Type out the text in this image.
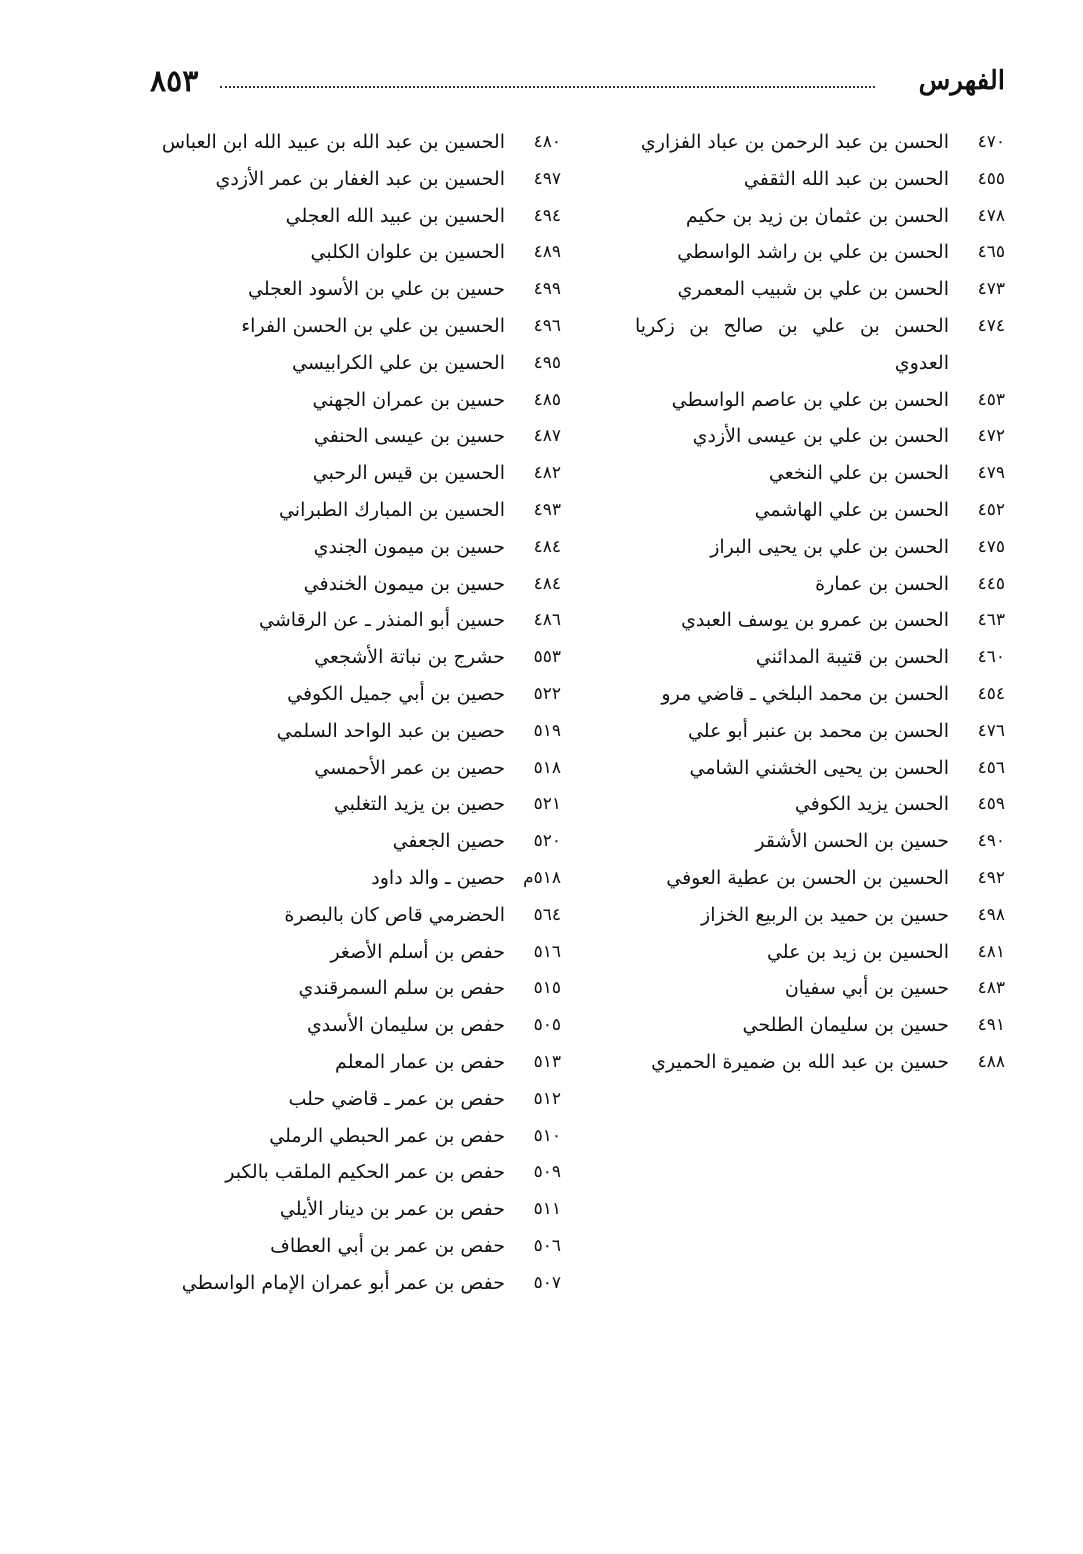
الفهرس
٨٥٣
٤٧٠
الحسن بن عبد الرحمن بن عباد الفزاري
٤٥٥
الحسن بن عبد الله الثقفي
٤٧٨
الحسن بن عثمان بن زيد بن حكيم
٤٦٥
الحسن بن علي بن راشد الواسطي
٤٧٣
الحسن بن علي بن شبيب المعمري
٤٧٤
الحسن بن علي بن صالح بن زكريا العدوي
٤٥٣
الحسن بن علي بن عاصم الواسطي
٤٧٢
الحسن بن علي بن عيسى الأزدي
٤٧٩
الحسن بن علي النخعي
٤٥٢
الحسن بن علي الهاشمي
٤٧٥
الحسن بن علي بن يحيى البراز
٤٤٥
الحسن بن عمارة
٤٦٣
الحسن بن عمرو بن يوسف العبدي
٤٦٠
الحسن بن قتيبة المدائني
٤٥٤
الحسن بن محمد البلخي ـ قاضي مرو
٤٧٦
الحسن بن محمد بن عنبر أبو علي
٤٥٦
الحسن بن يحيى الخشني الشامي
٤٥٩
الحسن يزيد الكوفي
٤٩٠
حسين بن الحسن الأشقر
٤٩٢
الحسين بن الحسن بن عطية العوفي
٤٩٨
حسين بن حميد بن الربيع الخزاز
٤٨١
الحسين بن زيد بن علي
٤٨٣
حسين بن أبي سفيان
٤٩١
حسين بن سليمان الطلحي
٤٨٨
حسين بن عبد الله بن ضميرة الحميري
٤٨٠
الحسين بن عبد الله بن عبيد الله ابن العباس
٤٩٧
الحسين بن عبد الغفار بن عمر الأزدي
٤٩٤
الحسين بن عبيد الله العجلي
٤٨٩
الحسين بن علوان الكلبي
٤٩٩
حسين بن علي بن الأسود العجلي
٤٩٦
الحسين بن علي بن الحسن الفراء
٤٩٥
الحسين بن علي الكرابيسي
٤٨٥
حسين بن عمران الجهني
٤٨٧
حسين بن عيسى الحنفي
٤٨٢
الحسين بن قيس الرحبي
٤٩٣
الحسين بن المبارك الطبراني
٤٨٤
حسين بن ميمون الجندي
٤٨٤
حسين بن ميمون الخندفي
٤٨٦
حسين أبو المنذر ـ عن الرقاشي
٥٥٣
حشرج بن نباتة الأشجعي
٥٢٢
حصين بن أبي جميل الكوفي
٥١٩
حصين بن عبد الواحد السلمي
٥١٨
حصين بن عمر الأحمسي
٥٢١
حصين بن يزيد التغلبي
٥٢٠
حصين الجعفي
٥١٨م
حصين ـ والد داود
٥٦٤
الحضرمي قاص كان بالبصرة
٥١٦
حفص بن أسلم الأصغر
٥١٥
حفص بن سلم السمرقندي
٥٠٥
حفص بن سليمان الأسدي
٥١٣
حفص بن عمار المعلم
٥١٢
حفص بن عمر ـ قاضي حلب
٥١٠
حفص بن عمر الحبطي الرملي
٥٠٩
حفص بن عمر الحكيم الملقب بالكبر
٥١١
حفص بن عمر بن دينار الأيلي
٥٠٦
حفص بن عمر بن أبي العطاف
٥٠٧
حفص بن عمر أبو عمران الإمام الواسطي
